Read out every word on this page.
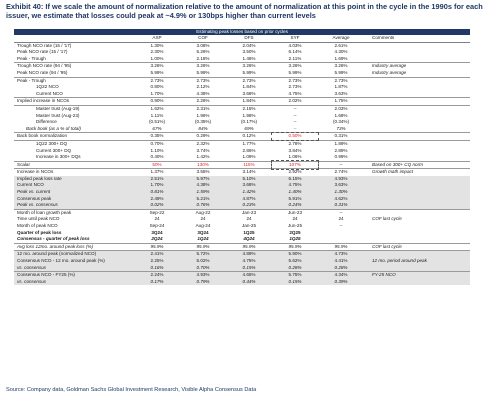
Exhibit 40: If we scale the amount of normalization relative to the amount of normalization at this point in the cycle in the 1990s for each issuer, we estimate that losses could peak at ~4.9% or 130bps higher than current levels
Estimating peak losses based on prior cycles						
	AXP	COF	DFS	SYF	Average	Comments
Trough NCO rate (15 / '17)	1.30%	3.08%	2.04%	4.03%	2.61%	
Peak NCO rate (15 / '17)	2.30%	5.26%	3.50%	6.14%	4.30%	
Peak - Trough	1.00%	2.18%	1.46%	2.11%	1.69%	
Trough NCO rate (94 / '95)	3.26%	3.26%	3.26%	3.26%	3.26%	Industry average
Peak NCO rate (94 / '95)	5.99%	5.99%	5.99%	5.99%	5.99%	Industry average
Peak - Trough	2.73%	2.73%	2.73%	2.73%	2.73%	
1Q22 NCO	0.80%	2.12%	1.84%	2.73%	1.87%	
Current NCO	1.70%	4.38%	3.68%	4.75%	3.63%	
Implied increase in NCOs	0.90%	2.26%	1.84%	2.02%	1.75%	
Master trust (Aug-19)	1.62%	2.31%	2.15%	--	2.03%	
Master trust (Aug-23)	1.11%	1.96%	1.98%	--	1.68%	
Difference	(0.51%)	(0.35%)	(0.17%)	--	(0.34%)	
Back book (as a % of total)	67%	84%	69%	--	73%	
Back book normalization	0.35%	0.29%	0.12%	0.50%	0.31%	
1Q22 300+ DQ	0.70%	2.32%	1.77%	2.78%	1.89%	
Current 300+ DQ	1.10%	3.74%	2.86%	3.84%	2.89%	
Increase in 300+ DQs	0.40%	1.42%	1.09%	1.06%	0.99%	
Scalar	50%	130%	115%	107%	--	Based on 300+ CQ norm
Increase in NCOs	1.37%	3.55%	3.14%	2.92%	2.74%	Growth math impact
Implied peak loss rate	2.51%	5.97%	5.10%	6.15%	4.93%	
Current NCO	1.70%	4.38%	3.68%	4.75%	3.63%	
Peak vs. current	0.81%	1.59%	1.42%	1.40%	1.30%	
Consensus peak	2.49%	5.21%	4.87%	5.91%	4.62%	
Peak vs. consensus	0.02%	0.76%	0.23%	0.24%	0.31%	
Month of loan growth peak	Sep-22	Aug-22	Jan-23	Jun-23	--	
Time until peak NCO	24	24	24	24	24	COF last cycle
Month of peak NCO	Sep-24	Aug-24	Jan-25	Jun-25	--	
Quarter of peak loss	3Q24	3Q24	1Q25	2Q25		
Consensus - quarter of peak loss	2Q24	1Q24	4Q24	1Q25		
Avg loss 12mo. around peak loss (%)	95.9%	95.9%	95.9%	95.9%	95.9%	COF last cycle
12 mo. around peak (normalized NCO)	2.41%	5.72%	4.89%	5.90%	4.73%	
Consensus NCO - 12 mo. around peak (%)	2.25%	5.02%	4.75%	5.62%	4.41%	12 mo. period around peak
vs. consensus	0.16%	0.70%	0.15%	0.28%	0.28%	
Consensus NCO - FY25 (%)	2.24%	4.93%	4.65%	5.75%	4.34%	FY-25 NCO
vs. consensus	0.17%	0.79%	0.44%	0.15%	0.39%	
Source: Company data, Goldman Sachs Global Investment Research, Visible Alpha Consensus Data
